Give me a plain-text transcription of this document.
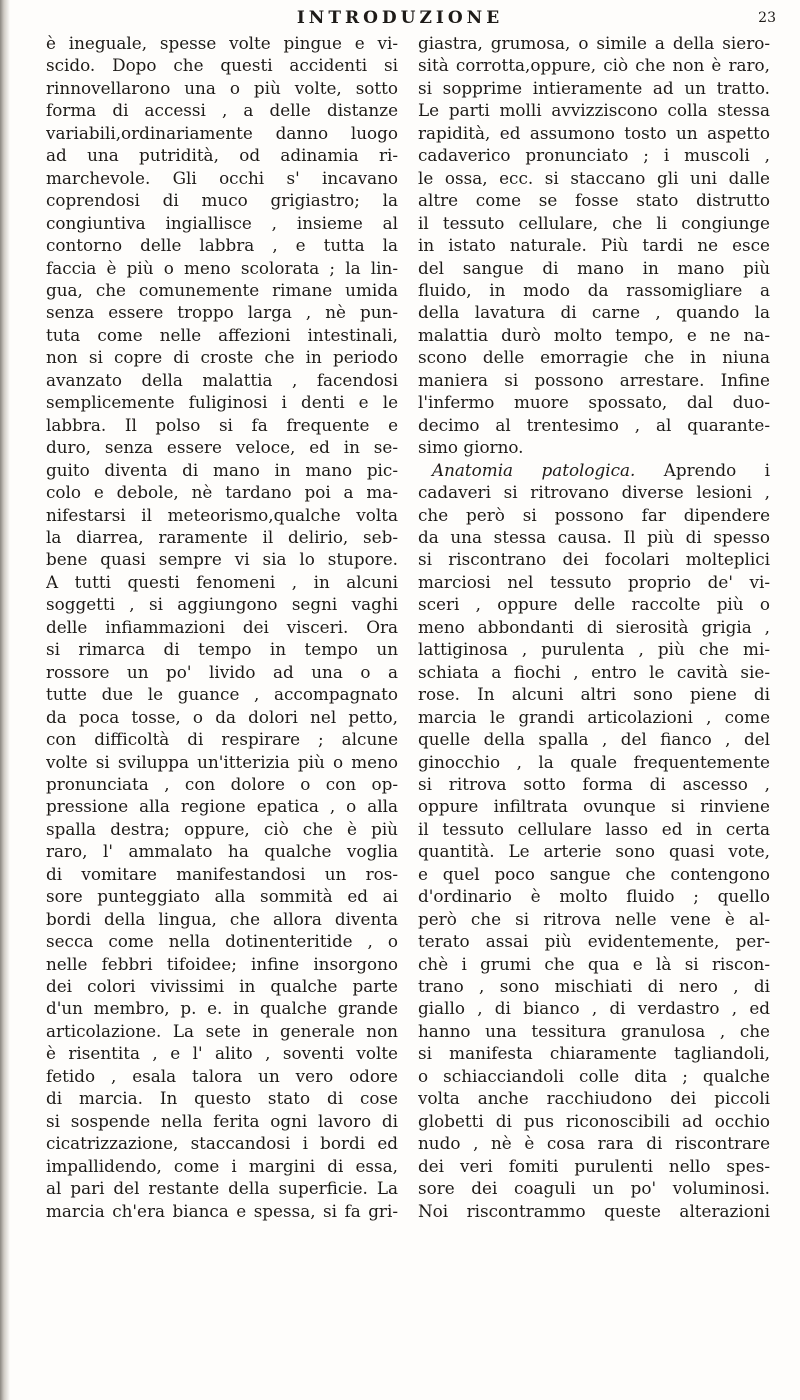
INTRODUZIONE	23
è ineguale, spesse volte pingue e vi-
scido. Dopo che questi accidenti si
rinnovellarono una o più volte, sotto
forma di accessi , a delle distanze
variabili,ordinariamente danno luogo
ad una putridità, od adinamia ri-
marchevole. Gli occhi s' incavano
coprendosi di muco grigiastro; la
congiuntiva ingiallisce , insieme al
contorno delle labbra , e tutta la
faccia è più o meno scolorata ; la lin-
gua, che comunemente rimane umida
senza essere troppo larga , nè pun-
tuta come nelle affezioni intestinali,
non si copre di croste che in periodo
avanzato della malattia , facendosi
semplicemente fuliginosi i denti e le
labbra. Il polso si fa frequente e
duro, senza essere veloce, ed in se-
guito diventa di mano in mano pic-
colo e debole, nè tardano poi a ma-
nifestarsi il meteorismo,qualche volta
la diarrea, raramente il delirio, seb-
bene quasi sempre vi sia lo stupore.
A tutti questi fenomeni , in alcuni
soggetti , si aggiungono segni vaghi
delle infiammazioni dei visceri. Ora
si rimarca di tempo in tempo un
rossore un po' livido ad una o a
tutte due le guance , accompagnato
da poca tosse, o da dolori nel petto,
con difficoltà di respirare ; alcune
volte si sviluppa un'itterizia più o meno
pronunciata , con dolore o con op-
pressione alla regione epatica , o alla
spalla destra; oppure, ciò che è più
raro, l' ammalato ha qualche voglia
di vomitare manifestandosi un ros-
sore punteggiato alla sommità ed ai
bordi della lingua, che allora diventa
secca come nella dotinenteritide , o
nelle febbri tifoidee; infine insorgono
dei colori vivissimi in qualche parte
d'un membro, p. e. in qualche grande
articolazione. La sete in generale non
è risentita , e l' alito , soventi volte
fetido , esala talora un vero odore
di marcia. In questo stato di cose
si sospende nella ferita ogni lavoro di
cicatrizzazione, staccandosi i bordi ed
impallidendo, come i margini di essa,
al pari del restante della superficie. La
marcia ch'era bianca e spessa, si fa gri-
giastra, grumosa, o simile a della siero-
sità corrotta,oppure, ciò che non è raro,
si sopprime intieramente ad un tratto.
Le parti molli avvizziscono colla stessa
rapidità, ed assumono tosto un aspetto
cadaverico pronunciato ; i muscoli ,
le ossa, ecc. si staccano gli uni dalle
altre come se fosse stato distrutto
il tessuto cellulare, che li congiunge
in istato naturale. Più tardi ne esce
del sangue di mano in mano più
fluido, in modo da rassomigliare a
della lavatura di carne , quando la
malattia durò molto tempo, e ne na-
scono delle emorragie che in niuna
maniera si possono arrestare. Infine
l'infermo muore spossato, dal duo-
decimo al trentesimo , al quarante-
simo giorno.
Anatomia patologica. Aprendo i
cadaveri si ritrovano diverse lesioni ,
che però si possono far dipendere
da una stessa causa. Il più di spesso
si riscontrano dei focolari molteplici
marciosi nel tessuto proprio de' vi-
sceri , oppure delle raccolte più o
meno abbondanti di sierosità grigia ,
lattiginosa , purulenta , più che mi-
schiata a fiochi , entro le cavità sie-
rose. In alcuni altri sono piene di
marcia le grandi articolazioni , come
quelle della spalla , del fianco , del
ginocchio , la quale frequentemente
si ritrova sotto forma di ascesso ,
oppure infiltrata ovunque si rinviene
il tessuto cellulare lasso ed in certa
quantità. Le arterie sono quasi vote,
e quel poco sangue che contengono
d'ordinario è molto fluido ; quello
però che si ritrova nelle vene è al-
terato assai più evidentemente, per-
chè i grumi che qua e là si riscon-
trano , sono mischiati di nero , di
giallo , di bianco , di verdastro , ed
hanno una tessitura granulosa , che
si manifesta chiaramente tagliandoli,
o schiacciandoli colle dita ; qualche
volta anche racchiudono dei piccoli
globetti di pus riconoscibili ad occhio
nudo , nè è cosa rara di riscontrare
dei veri fomiti purulenti nello spes-
sore dei coaguli un po' voluminosi.
Noi riscontrammo queste alterazioni
